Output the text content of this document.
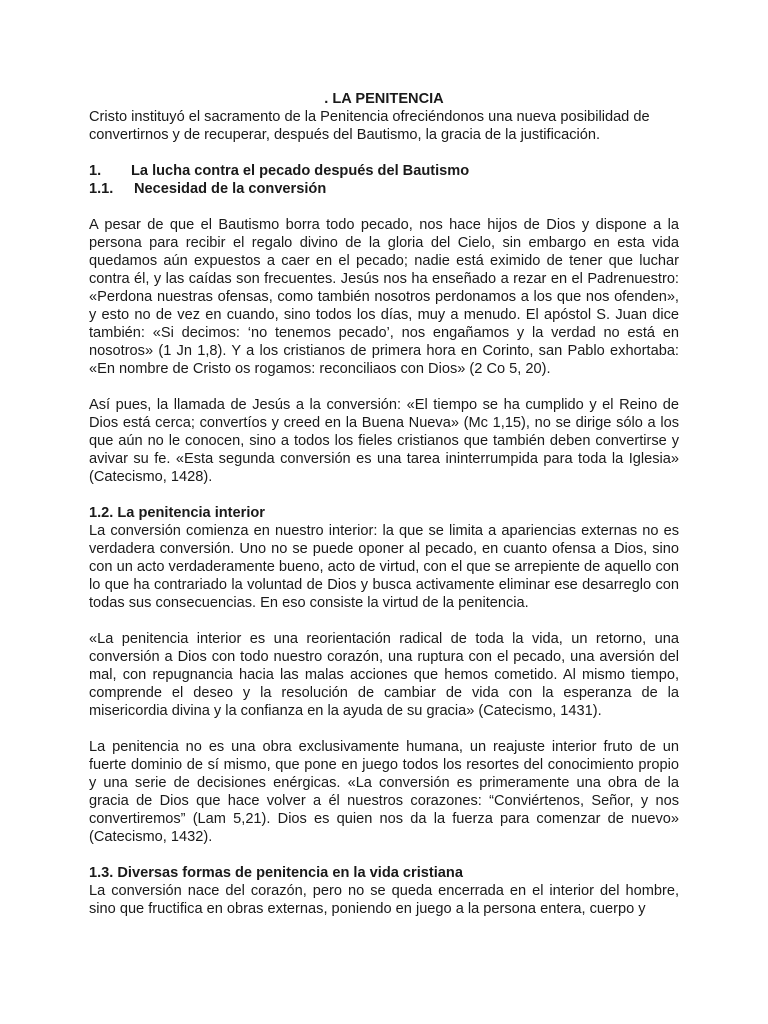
. LA PENITENCIA

Cristo instituyó el sacramento de la Penitencia ofreciéndonos una nueva posibilidad de convertirnos y de recuperar, después del Bautismo, la gracia de la justificación.

1. La lucha contra el pecado después del Bautismo
1.1. Necesidad de la conversión

A pesar de que el Bautismo borra todo pecado, nos hace hijos de Dios y dispone a la persona para recibir el regalo divino de la gloria del Cielo, sin embargo en esta vida quedamos aún expuestos a caer en el pecado; nadie está eximido de tener que luchar contra él, y las caídas son frecuentes. Jesús nos ha enseñado a rezar en el Padrenuestro: «Perdona nuestras ofensas, como también nosotros perdonamos a los que nos ofenden», y esto no de vez en cuando, sino todos los días, muy a menudo. El apóstol S. Juan dice también: «Si decimos: ‘no tenemos pecado’, nos engañamos y la verdad no está en nosotros» (1 Jn 1,8). Y a los cristianos de primera hora en Corinto, san Pablo exhortaba: «En nombre de Cristo os rogamos: reconciliaos con Dios» (2 Co 5, 20).

Así pues, la llamada de Jesús a la conversión: «El tiempo se ha cumplido y el Reino de Dios está cerca; convertíos y creed en la Buena Nueva» (Mc 1,15), no se dirige sólo a los que aún no le conocen, sino a todos los fieles cristianos que también deben convertirse y avivar su fe. «Esta segunda conversión es una tarea ininterrumpida para toda la Iglesia» (Catecismo, 1428).

1.2. La penitencia interior

La conversión comienza en nuestro interior: la que se limita a apariencias externas no es verdadera conversión. Uno no se puede oponer al pecado, en cuanto ofensa a Dios, sino con un acto verdaderamente bueno, acto de virtud, con el que se arrepiente de aquello con lo que ha contrariado la voluntad de Dios y busca activamente eliminar ese desarreglo con todas sus consecuencias. En eso consiste la virtud de la penitencia.

«La penitencia interior es una reorientación radical de toda la vida, un retorno, una conversión a Dios con todo nuestro corazón, una ruptura con el pecado, una aversión del mal, con repugnancia hacia las malas acciones que hemos cometido. Al mismo tiempo, comprende el deseo y la resolución de cambiar de vida con la esperanza de la misericordia divina y la confianza en la ayuda de su gracia» (Catecismo, 1431).

La penitencia no es una obra exclusivamente humana, un reajuste interior fruto de un fuerte dominio de sí mismo, que pone en juego todos los resortes del conocimiento propio y una serie de decisiones enérgicas. «La conversión es primeramente una obra de la gracia de Dios que hace volver a él nuestros corazones: “Conviértenos, Señor, y nos convertiremos” (Lam 5,21). Dios es quien nos da la fuerza para comenzar de nuevo» (Catecismo, 1432).

1.3. Diversas formas de penitencia en la vida cristiana

La conversión nace del corazón, pero no se queda encerrada en el interior del hombre, sino que fructifica en obras externas, poniendo en juego a la persona entera, cuerpo y
